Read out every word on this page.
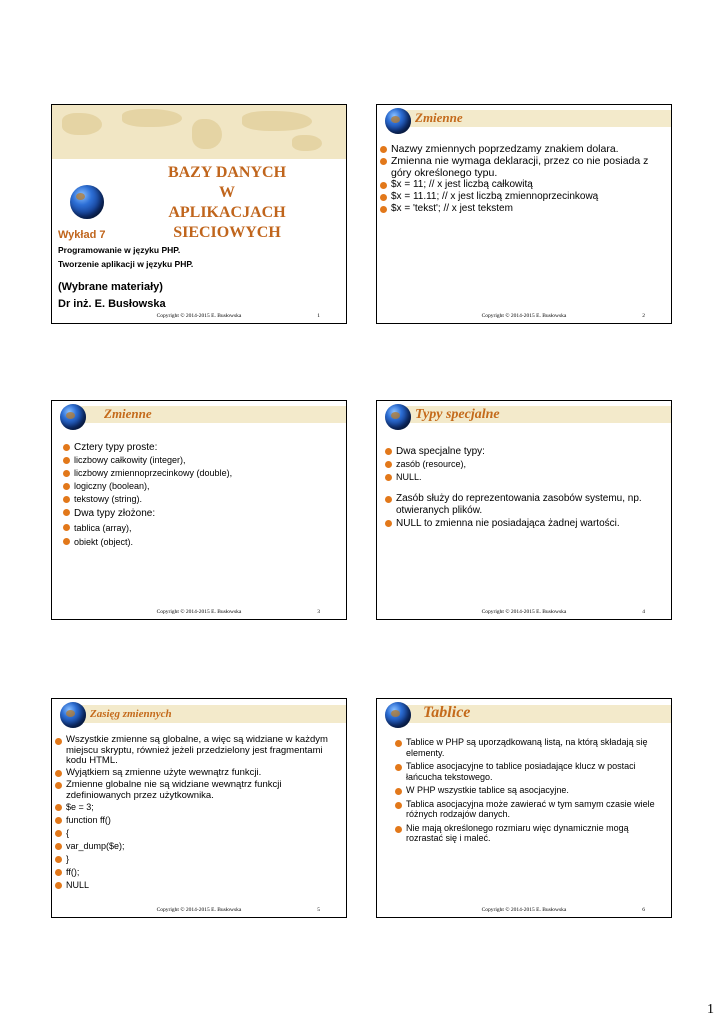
BAZY DANYCH
W APLIKACJACH
SIECIOWYCH
Wykład 7
Programowanie w języku PHP.
Tworzenie aplikacji w języku PHP.
(Wybrane materiały)
Dr inż. E. Busłowska
Copyright © 2014-2015 E. Busłowska	1
Zmienne
Nazwy zmiennych poprzedzamy znakiem dolara.
Zmienna nie wymaga deklaracji, przez co nie posiada z góry określonego typu.
$x = 11; // x jest liczbą całkowitą
$x = 11.11; // x jest liczbą zmiennoprzecinkową
$x = 'tekst'; // x jest tekstem
Copyright © 2014-2015 E. Busłowska	2
Zmienne
Cztery typy proste:
liczbowy całkowity (integer),
liczbowy zmiennoprzecinkowy (double),
logiczny (boolean),
tekstowy (string).
Dwa typy złożone:
tablica (array),
obiekt (object).
Copyright © 2014-2015 E. Busłowska	3
Typy specjalne
Dwa specjalne typy:
zasób (resource),
NULL.
Zasób służy do reprezentowania zasobów systemu, np. otwieranych plików.
NULL to zmienna nie posiadająca żadnej wartości.
Copyright © 2014-2015 E. Busłowska	4
Zasięg zmiennych
Wszystkie zmienne są globalne, a więc są widziane w każdym miejscu skryptu, również jeżeli przedzielony jest fragmentami kodu HTML.
Wyjątkiem są zmienne użyte wewnątrz funkcji.
Zmienne globalne nie są widziane wewnątrz funkcji zdefiniowanych przez użytkownika.
$e = 3;
function ff()
{
var_dump($e);
}
ff();
NULL
Copyright © 2014-2015 E. Busłowska	5
Tablice
Tablice w PHP są uporządkowaną listą, na którą składają się elementy.
Tablice asocjacyjne to tablice posiadające klucz w postaci łańcucha tekstowego.
W PHP wszystkie tablice są asocjacyjne.
Tablica asocjacyjna może zawierać w tym samym czasie wiele różnych rodzajów danych.
Nie mają określonego rozmiaru więc dynamicznie mogą rozrastać się i maleć.
Copyright © 2014-2015 E. Busłowska	6
1
